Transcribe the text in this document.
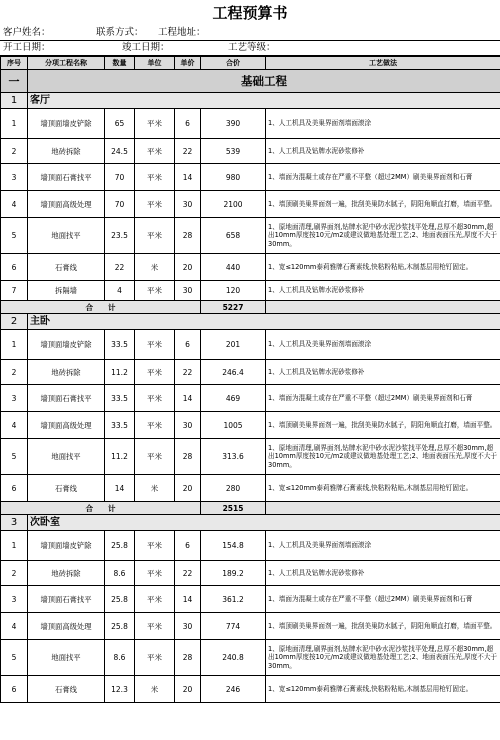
工程预算书
客户姓名：	联系方式： 工程地址：
开工日期：	竣工日期：	工艺等级：
序号	分项工程名称	数量	单位	单价	合价	工艺做法
一	基础工程					
1	客厅					
1	墙顶面墙皮铲除	65	平米	6	390	1、人工机具及美巢界面剂墙面滚涂
2	地砖拆除	24.5	平米	22	539	1、人工机具及钻牌水泥砂浆修补
3	墙顶面石膏找平	70	平米	14	980	1、墙面为混凝土或存在严重不平整（超过2MM）刷美巢界面剂和石膏
4	墙顶面高级处理	70	平米	30	2100	1、墙顶刷美巢界面剂一遍，批刮美巢防水腻子，阴阳角顺直打磨，墙面平整。
5	地面找平	23.5	平米	28	658	1、原地面清理,刷界面剂,钻牌水泥中砂水泥沙浆找平处理,总厚不超30mm,超出10mm厚度按10元/m2或建议做地基处理工艺;2、地面表面压光,厚度不大于30mm。
6	石膏线	22	米	20	440	1、宽≤120mm泰莉雅牌石膏素线,快粘粉粘贴,木制基层用枪钉固定。
7	拆隔墙	4	平米	30	120	1、人工机具及钻牌水泥砂浆修补
合　　计					5227	
2	主卧					
1	墙顶面墙皮铲除	33.5	平米	6	201	1、人工机具及美巢界面剂墙面滚涂
2	地砖拆除	11.2	平米	22	246.4	1、人工机具及钻牌水泥砂浆修补
3	墙顶面石膏找平	33.5	平米	14	469	1、墙面为混凝土或存在严重不平整（超过2MM）刷美巢界面剂和石膏
4	墙顶面高级处理	33.5	平米	30	1005	1、墙顶刷美巢界面剂一遍，批刮美巢防水腻子，阴阳角顺直打磨，墙面平整。
5	地面找平	11.2	平米	28	313.6	1、原地面清理,刷界面剂,钻牌水泥中砂水泥沙浆找平处理,总厚不超30mm,超出10mm厚度按10元/m2或建议做地基处理工艺;2、地面表面压光,厚度不大于30mm。
6	石膏线	14	米	20	280	1、宽≤120mm泰莉雅牌石膏素线,快粘粉粘贴,木制基层用枪钉固定。
合　　计					2515	
3	次卧室					
1	墙顶面墙皮铲除	25.8	平米	6	154.8	1、人工机具及美巢界面剂墙面滚涂
2	地砖拆除	8.6	平米	22	189.2	1、人工机具及钻牌水泥砂浆修补
3	墙顶面石膏找平	25.8	平米	14	361.2	1、墙面为混凝土或存在严重不平整（超过2MM）刷美巢界面剂和石膏
4	墙顶面高级处理	25.8	平米	30	774	1、墙顶刷美巢界面剂一遍，批刮美巢防水腻子，阴阳角顺直打磨，墙面平整。
5	地面找平	8.6	平米	28	240.8	1、原地面清理,刷界面剂,钻牌水泥中砂水泥沙浆找平处理,总厚不超30mm,超出10mm厚度按10元/m2或建议做地基处理工艺;2、地面表面压光,厚度不大于30mm。
6	石膏线	12.3	米	20	246	1、宽≤120mm泰莉雅牌石膏素线,快粘粉粘贴,木制基层用枪钉固定。
